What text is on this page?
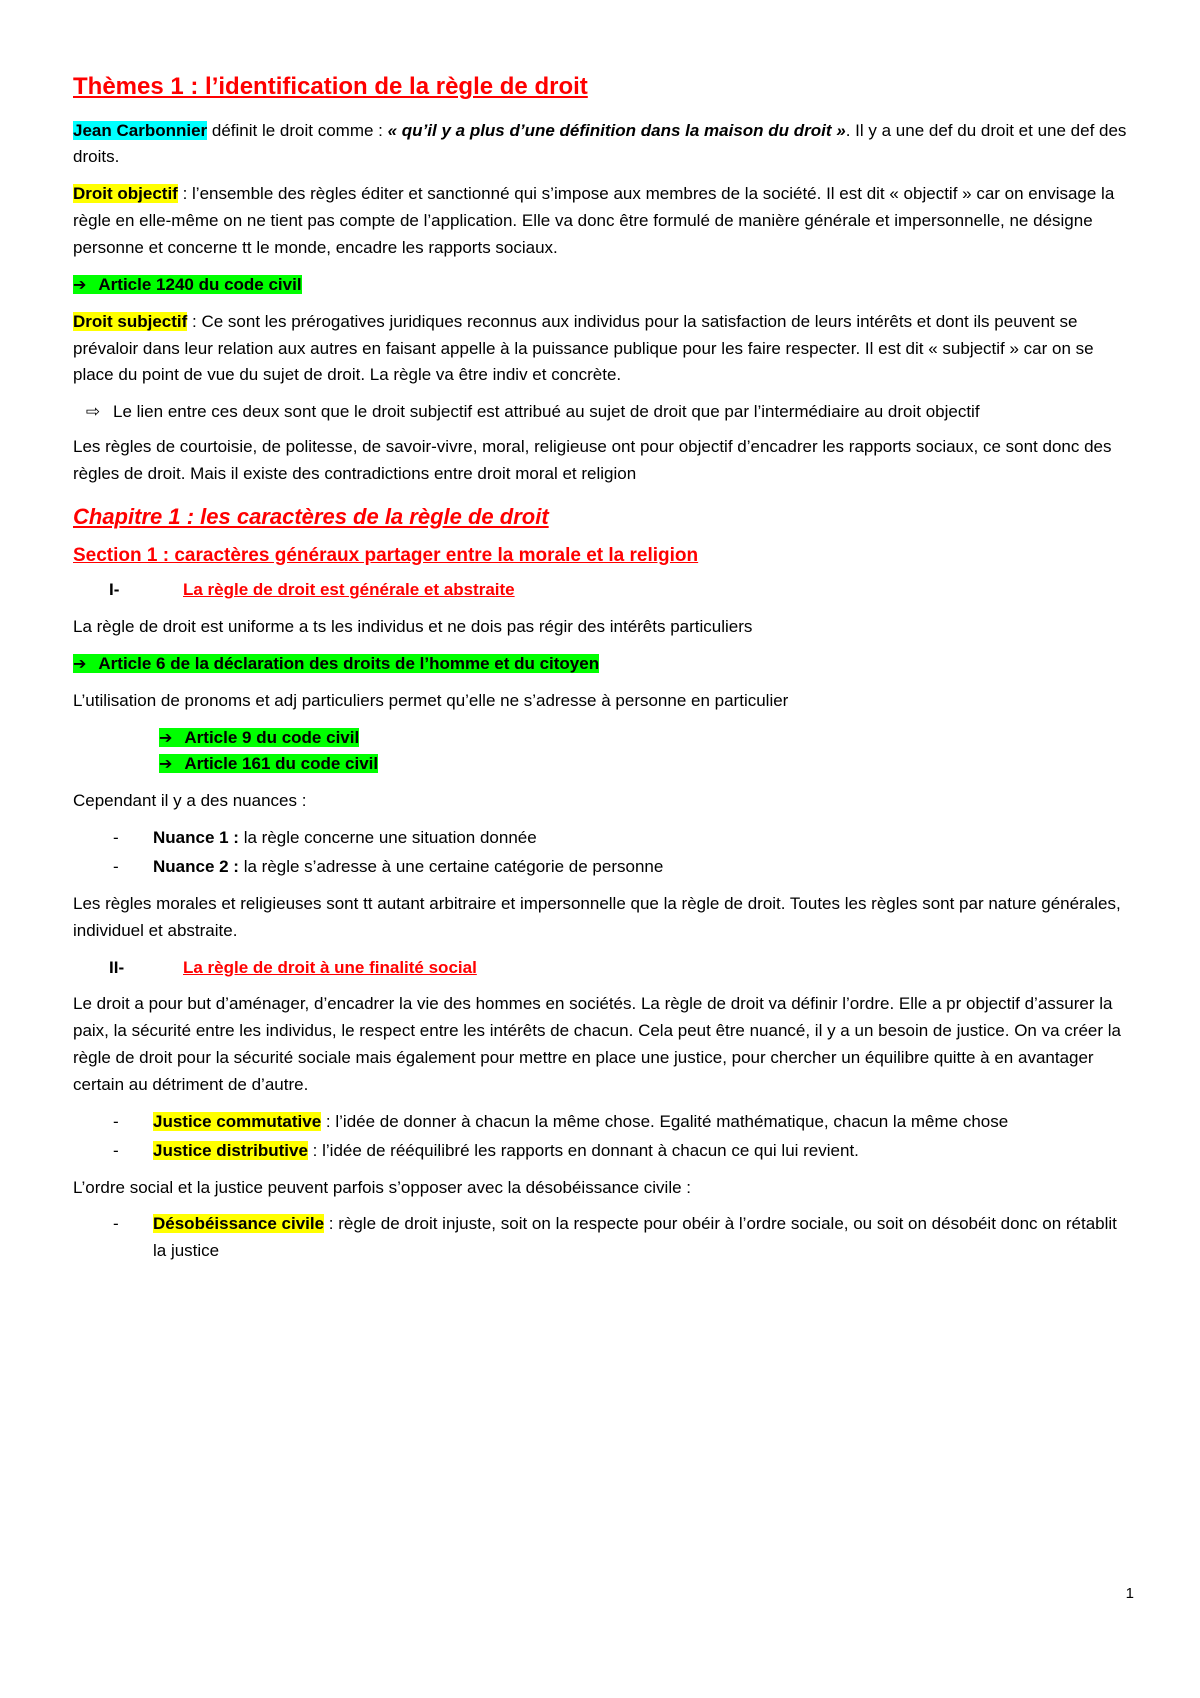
Thèmes 1 : l’identification de la règle de droit

Jean Carbonnier définit le droit comme : « qu’il y a plus d’une définition dans la maison du droit ». Il y a une def du droit et une def des droits.

Droit objectif : l’ensemble des règles éditer et sanctionné qui s’impose aux membres de la société. Il est dit « objectif » car on envisage la règle en elle-même on ne tient pas compte de l’application. Elle va donc être formulé de manière générale et impersonnelle, ne désigne personne et concerne tt le monde, encadre les rapports sociaux.

➔ Article 1240 du code civil

Droit subjectif : Ce sont les prérogatives juridiques reconnus aux individus pour la satisfaction de leurs intérêts et dont ils peuvent se prévaloir dans leur relation aux autres en faisant appelle à la puissance publique pour les faire respecter. Il est dit « subjectif » car on se place du point de vue du sujet de droit. La règle va être indiv et concrète.

⇨ Le lien entre ces deux sont que le droit subjectif est attribué au sujet de droit que par l’intermédiaire au droit objectif

Les règles de courtoisie, de politesse, de savoir-vivre, moral, religieuse ont pour objectif d’encadrer les rapports sociaux, ce sont donc des règles de droit. Mais il existe des contradictions entre droit moral et religion

Chapitre 1 : les caractères de la règle de droit
Section 1 : caractères généraux partager entre la morale et la religion
I-	La règle de droit est générale et abstraite

La règle de droit est uniforme a ts les individus et ne dois pas régir des intérêts particuliers

➔ Article 6 de la déclaration des droits de l’homme et du citoyen

L’utilisation de pronoms et adj particuliers permet qu’elle ne s’adresse à personne en particulier

➔ Article 9 du code civil
➔ Article 161 du code civil

Cependant il y a des nuances :

-	Nuance 1 : la règle concerne une situation donnée
-	Nuance 2 : la règle s’adresse à une certaine catégorie de personne

Les règles morales et religieuses sont tt autant arbitraire et impersonnelle que la règle de droit. Toutes les règles sont par nature générales, individuel et abstraite.

II-	La règle de droit à une finalité social

Le droit a pour but d’aménager, d’encadrer la vie des hommes en sociétés. La règle de droit va définir l’ordre. Elle a pr objectif d’assurer la paix, la sécurité entre les individus, le respect entre les intérêts de chacun. Cela peut être nuancé, il y a un besoin de justice. On va créer la règle de droit pour la sécurité sociale mais également pour mettre en place une justice, pour chercher un équilibre quitte à en avantager certain au détriment de d’autre.

-	Justice commutative : l’idée de donner à chacun la même chose. Egalité mathématique, chacun la même chose
-	Justice distributive : l’idée de rééquilibré les rapports en donnant à chacun ce qui lui revient.

L’ordre social et la justice peuvent parfois s’opposer avec la désobéissance civile :

-	Désobéissance civile : règle de droit injuste, soit on la respecte pour obéir à l’ordre sociale, ou soit on désobéit donc on rétablit la justice
1
